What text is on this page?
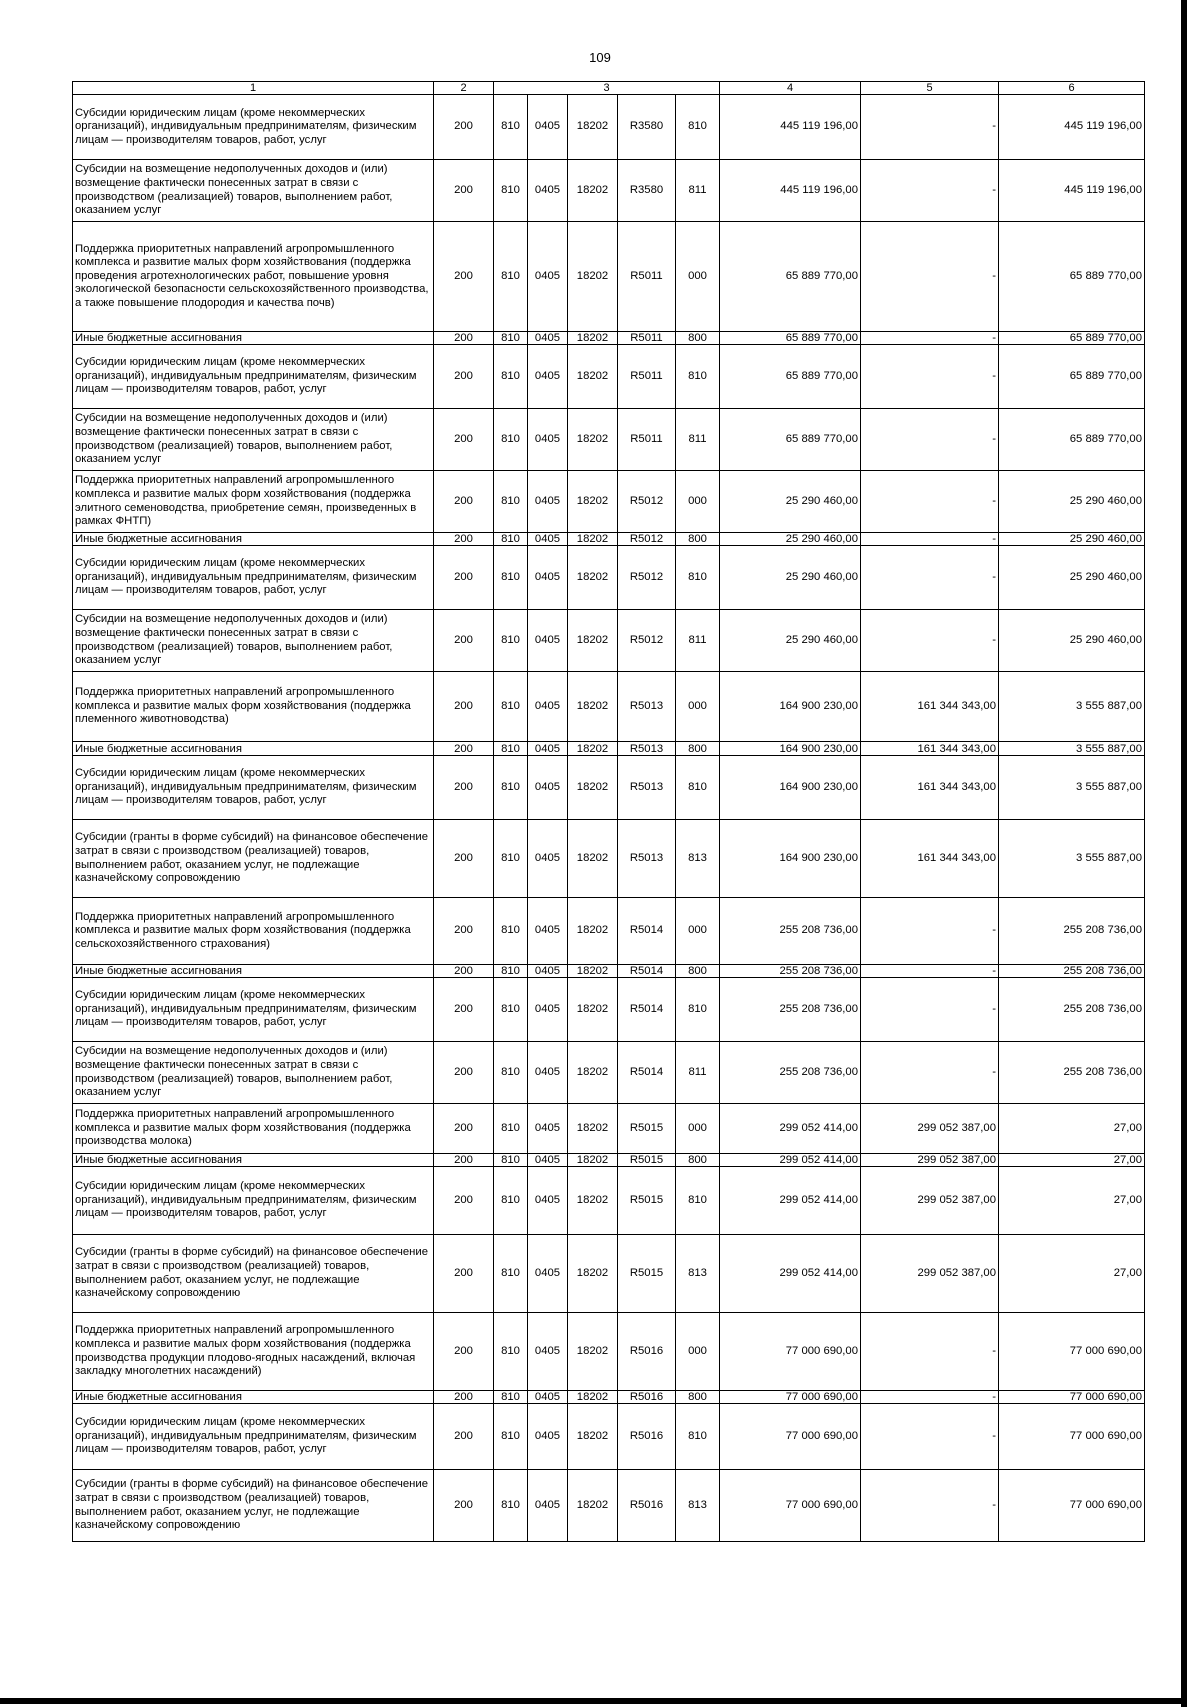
109
1	2	3					4	5	6
Субсидии юридическим лицам (кроме некоммерческих организаций), индивидуальным предпринимателям, физическим лицам — производителям товаров, работ, услуг	200	810	0405	18202	R3580	810	445 119 196,00	-	445 119 196,00
Субсидии на возмещение недополученных доходов и (или) возмещение фактически понесенных затрат в связи с производством (реализацией) товаров, выполнением работ, оказанием услуг	200	810	0405	18202	R3580	811	445 119 196,00	-	445 119 196,00
Поддержка приоритетных направлений агропромышленного комплекса и развитие малых форм хозяйствования (поддержка проведения агротехнологических работ, повышение уровня экологической безопасности сельскохозяйственного производства, а также повышение плодородия и качества почв)	200	810	0405	18202	R5011	000	65 889 770,00	-	65 889 770,00
Иные бюджетные ассигнования	200	810	0405	18202	R5011	800	65 889 770,00	-	65 889 770,00
Субсидии юридическим лицам (кроме некоммерческих организаций), индивидуальным предпринимателям, физическим лицам — производителям товаров, работ, услуг	200	810	0405	18202	R5011	810	65 889 770,00	-	65 889 770,00
Субсидии на возмещение недополученных доходов и (или) возмещение фактически понесенных затрат в связи с производством (реализацией) товаров, выполнением работ, оказанием услуг	200	810	0405	18202	R5011	811	65 889 770,00	-	65 889 770,00
Поддержка приоритетных направлений агропромышленного комплекса и развитие малых форм хозяйствования (поддержка элитного семеноводства, приобретение семян, произведенных в рамках ФНТП)	200	810	0405	18202	R5012	000	25 290 460,00	-	25 290 460,00
Иные бюджетные ассигнования	200	810	0405	18202	R5012	800	25 290 460,00	-	25 290 460,00
Субсидии юридическим лицам (кроме некоммерческих организаций), индивидуальным предпринимателям, физическим лицам — производителям товаров, работ, услуг	200	810	0405	18202	R5012	810	25 290 460,00	-	25 290 460,00
Субсидии на возмещение недополученных доходов и (или) возмещение фактически понесенных затрат в связи с производством (реализацией) товаров, выполнением работ, оказанием услуг	200	810	0405	18202	R5012	811	25 290 460,00	-	25 290 460,00
Поддержка приоритетных направлений агропромышленного комплекса и развитие малых форм хозяйствования (поддержка племенного животноводства)	200	810	0405	18202	R5013	000	164 900 230,00	161 344 343,00	3 555 887,00
Иные бюджетные ассигнования	200	810	0405	18202	R5013	800	164 900 230,00	161 344 343,00	3 555 887,00
Субсидии юридическим лицам (кроме некоммерческих организаций), индивидуальным предпринимателям, физическим лицам — производителям товаров, работ, услуг	200	810	0405	18202	R5013	810	164 900 230,00	161 344 343,00	3 555 887,00
Субсидии (гранты в форме субсидий) на финансовое обеспечение затрат в связи с производством (реализацией) товаров, выполнением работ, оказанием услуг, не подлежащие казначейскому сопровождению	200	810	0405	18202	R5013	813	164 900 230,00	161 344 343,00	3 555 887,00
Поддержка приоритетных направлений агропромышленного комплекса и развитие малых форм хозяйствования (поддержка сельскохозяйственного страхования)	200	810	0405	18202	R5014	000	255 208 736,00	-	255 208 736,00
Иные бюджетные ассигнования	200	810	0405	18202	R5014	800	255 208 736,00	-	255 208 736,00
Субсидии юридическим лицам (кроме некоммерческих организаций), индивидуальным предпринимателям, физическим лицам — производителям товаров, работ, услуг	200	810	0405	18202	R5014	810	255 208 736,00	-	255 208 736,00
Субсидии на возмещение недополученных доходов и (или) возмещение фактически понесенных затрат в связи с производством (реализацией) товаров, выполнением работ, оказанием услуг	200	810	0405	18202	R5014	811	255 208 736,00	-	255 208 736,00
Поддержка приоритетных направлений агропромышленного комплекса и развитие малых форм хозяйствования (поддержка производства молока)	200	810	0405	18202	R5015	000	299 052 414,00	299 052 387,00	27,00
Иные бюджетные ассигнования	200	810	0405	18202	R5015	800	299 052 414,00	299 052 387,00	27,00
Субсидии юридическим лицам (кроме некоммерческих организаций), индивидуальным предпринимателям, физическим лицам — производителям товаров, работ, услуг	200	810	0405	18202	R5015	810	299 052 414,00	299 052 387,00	27,00
Субсидии (гранты в форме субсидий) на финансовое обеспечение затрат в связи с производством (реализацией) товаров, выполнением работ, оказанием услуг, не подлежащие казначейскому сопровождению	200	810	0405	18202	R5015	813	299 052 414,00	299 052 387,00	27,00
Поддержка приоритетных направлений агропромышленного комплекса и развитие малых форм хозяйствования (поддержка производства продукции плодово-ягодных насаждений, включая закладку многолетних насаждений)	200	810	0405	18202	R5016	000	77 000 690,00	-	77 000 690,00
Иные бюджетные ассигнования	200	810	0405	18202	R5016	800	77 000 690,00	-	77 000 690,00
Субсидии юридическим лицам (кроме некоммерческих организаций), индивидуальным предпринимателям, физическим лицам — производителям товаров, работ, услуг	200	810	0405	18202	R5016	810	77 000 690,00	-	77 000 690,00
Субсидии (гранты в форме субсидий) на финансовое обеспечение затрат в связи с производством (реализацией) товаров, выполнением работ, оказанием услуг, не подлежащие казначейскому сопровождению	200	810	0405	18202	R5016	813	77 000 690,00	-	77 000 690,00
